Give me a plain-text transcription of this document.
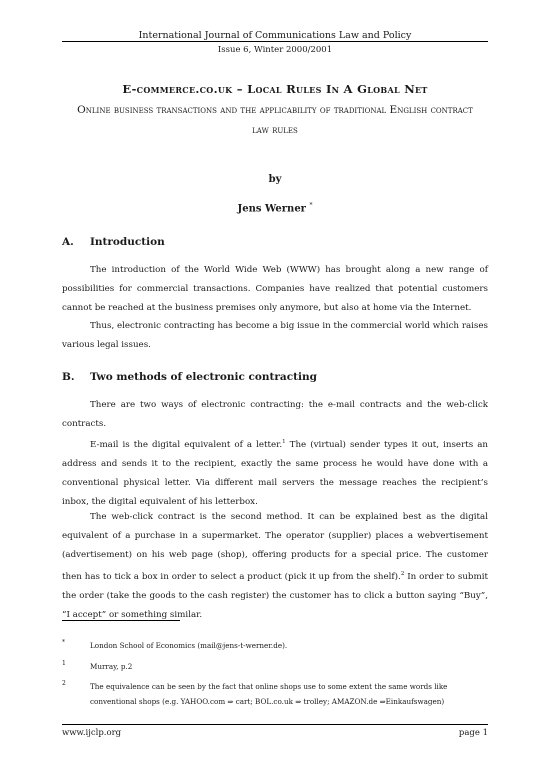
International Journal of Communications Law and Policy
Issue 6, Winter 2000/2001
E-commerce.co.uk – Local Rules In A Global Net
Online business transactions and the applicability of traditional English contract law rules
by
Jens Werner *
A. Introduction
The introduction of the World Wide Web (WWW) has brought along a new range of possibilities for commercial transactions. Companies have realized that potential customers cannot be reached at the business premises only anymore, but also at home via the Internet.
Thus, electronic contracting has become a big issue in the commercial world which raises various legal issues.
B. Two methods of electronic contracting
There are two ways of electronic contracting: the e-mail contracts and the web-click contracts.
E-mail is the digital equivalent of a letter.$^1$ The (virtual) sender types it out, inserts an address and sends it to the recipient, exactly the same process he would have done with a conventional physical letter. Via different mail servers the message reaches the recipient’s inbox, the digital equivalent of his letterbox.
The web-click contract is the second method. It can be explained best as the digital equivalent of a purchase in a supermarket. The operator (supplier) places a webvertisement (advertisement) on his web page (shop), offering products for a special price. The customer then has to tick a box in order to select a product (pick it up from the shelf).$^2$ In order to submit the order (take the goods to the cash register) the customer has to click a button saying “Buy”, “I accept” or something similar.
*	London School of Economics (mail@jens-t-werner.de).
1	Murray, p.2
2	The equivalence can be seen by the fact that online shops use to some extent the same words like conventional shops (e.g. YAHOO.com ⇒ cart; BOL.co.uk ⇒ trolley; AMAZON.de ⇒Einkaufswagen)
www.ijclp.org	page 1
